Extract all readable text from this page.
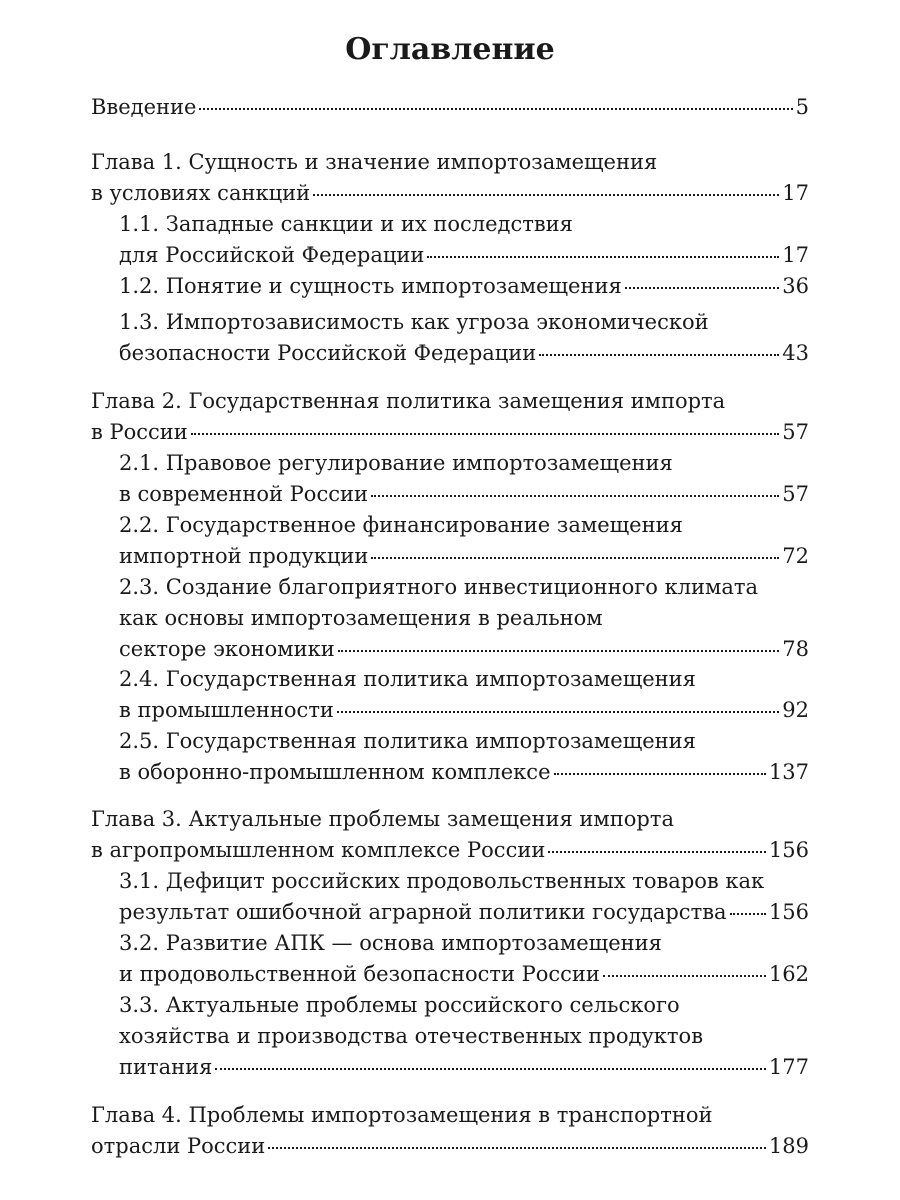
Оглавление
Введение	5
Глава 1. Сущность и значение импортозамещения
в условиях санкций	17
1.1. Западные санкции и их последствия
для Российской Федерации	17
1.2. Понятие и сущность импортозамещения	36
1.3. Импортозависимость как угроза экономической
безопасности Российской Федерации	43
Глава 2. Государственная политика замещения импорта
в России	57
2.1. Правовое регулирование импортозамещения
в современной России	57
2.2. Государственное финансирование замещения
импортной продукции	72
2.3. Создание благоприятного инвестиционного климата
как основы импортозамещения в реальном
секторе экономики	78
2.4. Государственная политика импортозамещения
в промышленности	92
2.5. Государственная политика импортозамещения
в оборонно-промышленном комплексе	137
Глава 3. Актуальные проблемы замещения импорта
в агропромышленном комплексе России	156
3.1. Дефицит российских продовольственных товаров как
результат ошибочной аграрной политики государства 156
3.2. Развитие АПК — основа импортозамещения
и продовольственной безопасности России	162
3.3. Актуальные проблемы российского сельского
хозяйства и производства отечественных продуктов
питания	177
Глава 4. Проблемы импортозамещения в транспортной
отрасли России	189
